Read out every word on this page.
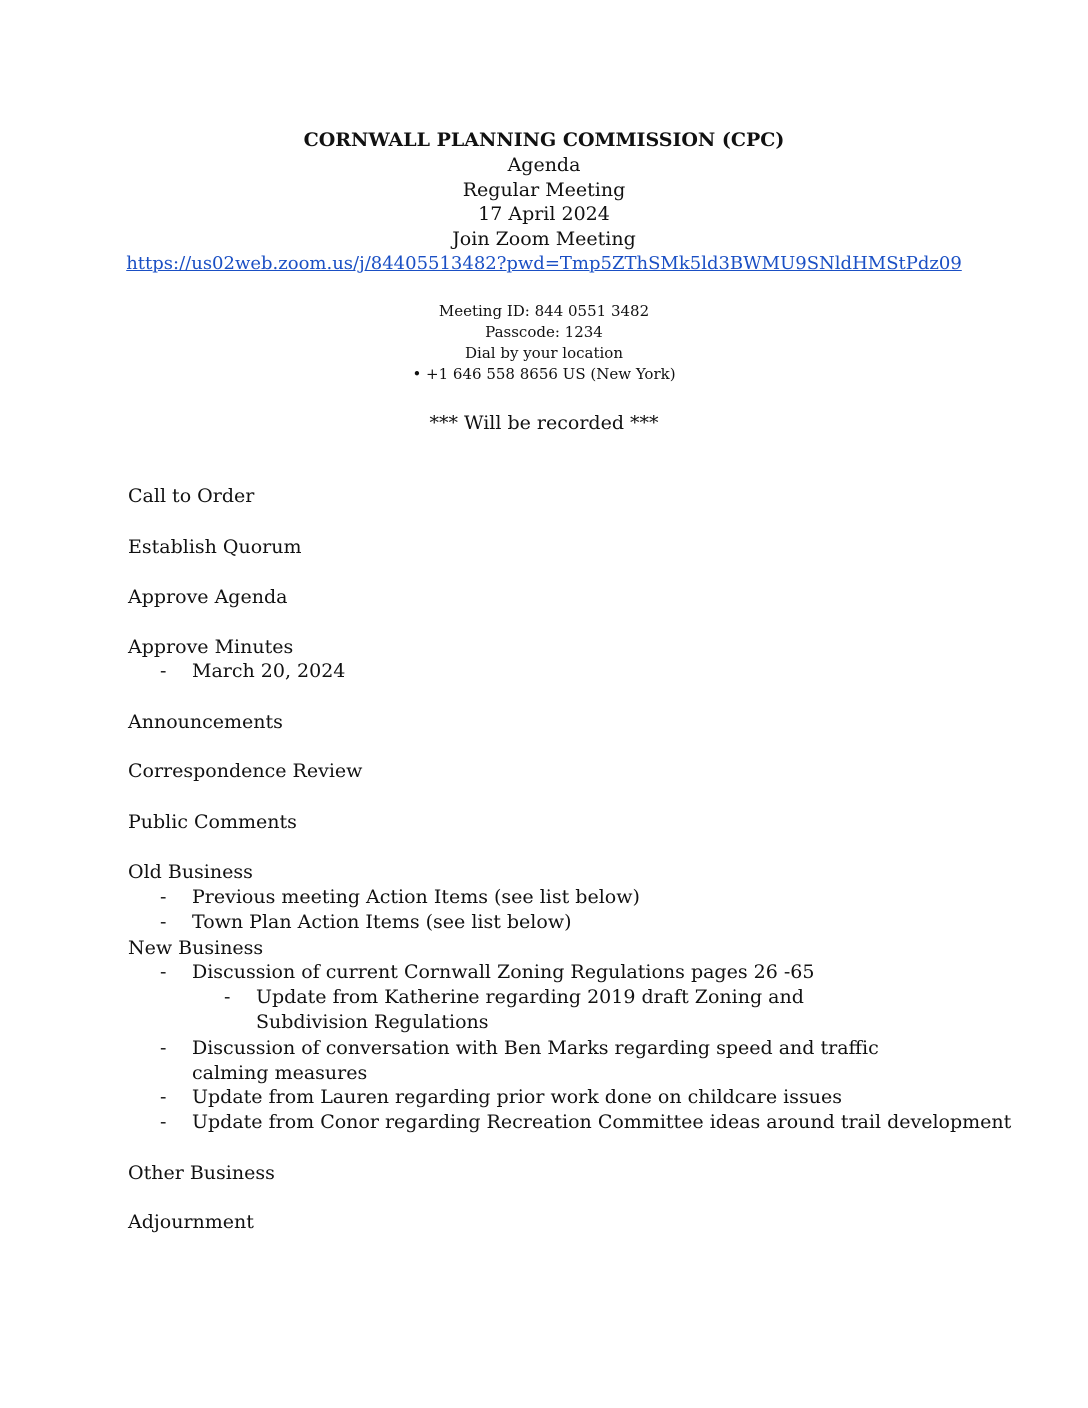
CORNWALL PLANNING COMMISSION (CPC)
Agenda
Regular Meeting
17 April 2024
Join Zoom Meeting
https://us02web.zoom.us/j/84405513482?pwd=Tmp5ZThSMk5ld3BWMU9SNldHMStPdz09
Meeting ID: 844 0551 3482
Passcode: 1234
Dial by your location
• +1 646 558 8656 US (New York)
*** Will be recorded ***
Call to Order
Establish Quorum
Approve Agenda
Approve Minutes
- March 20, 2024
Announcements
Correspondence Review
Public Comments
Old Business
- Previous meeting Action Items (see list below)
- Town Plan Action Items (see list below)
New Business
- Discussion of current Cornwall Zoning Regulations pages 26 -65
- Update from Katherine regarding 2019 draft Zoning and Subdivision Regulations
- Discussion of conversation with Ben Marks regarding speed and traffic calming measures
- Update from Lauren regarding prior work done on childcare issues
- Update from Conor regarding Recreation Committee ideas around trail development
Other Business
Adjournment
